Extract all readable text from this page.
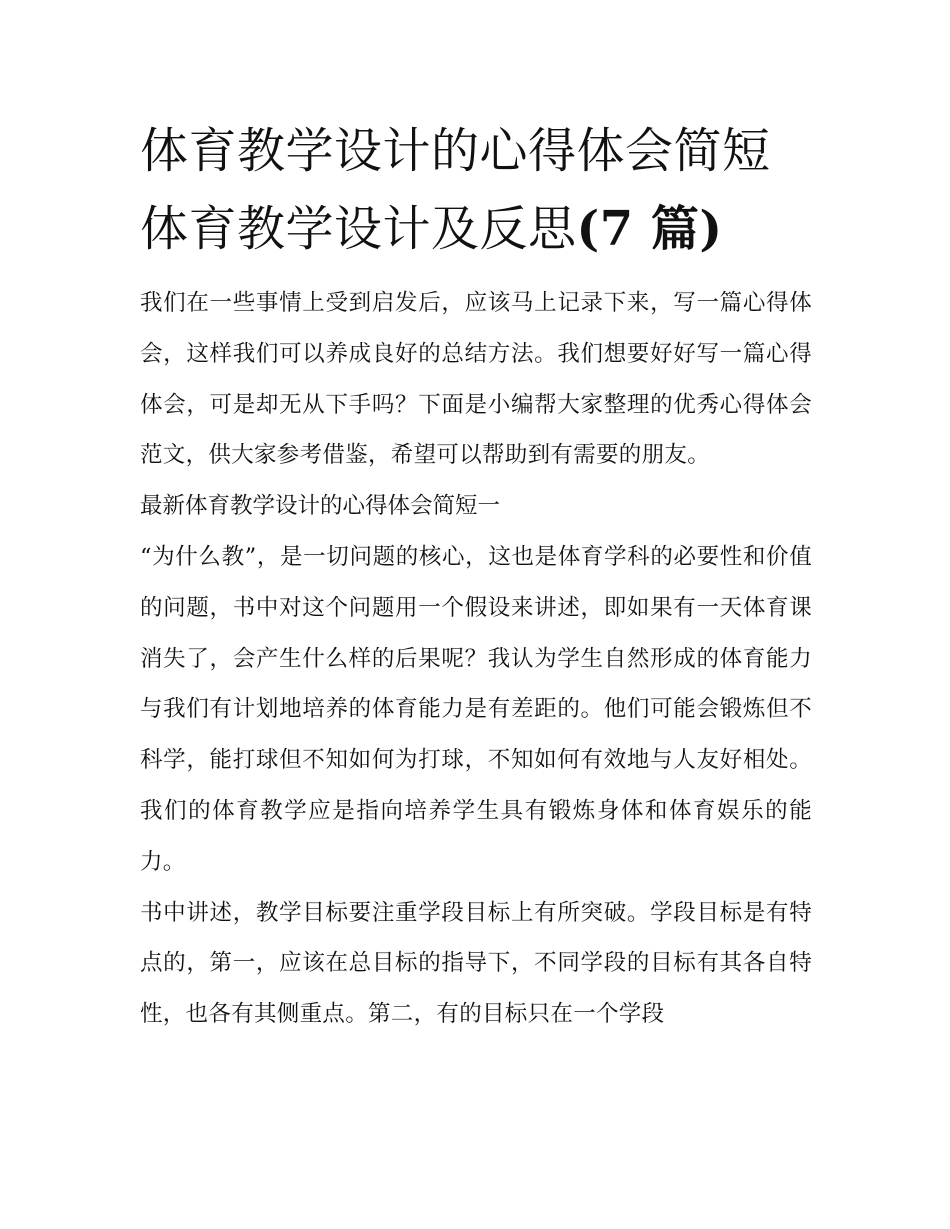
体育教学设计的心得体会简短
体育教学设计及反思(7 篇)

我们在一些事情上受到启发后，应该马上记录下来，写一篇心得体会，这样我们可以养成良好的总结方法。我们想要好好写一篇心得体会，可是却无从下手吗？下面是小编帮大家整理的优秀心得体会范文，供大家参考借鉴，希望可以帮助到有需要的朋友。

最新体育教学设计的心得体会简短一

“为什么教”，是一切问题的核心，这也是体育学科的必要性和价值的问题，书中对这个问题用一个假设来讲述，即如果有一天体育课消失了，会产生什么样的后果呢？我认为学生自然形成的体育能力与我们有计划地培养的体育能力是有差距的。他们可能会锻炼但不科学，能打球但不知如何为打球，不知如何有效地与人友好相处。我们的体育教学应是指向培养学生具有锻炼身体和体育娱乐的能力。

书中讲述，教学目标要注重学段目标上有所突破。学段目标是有特点的，第一，应该在总目标的指导下，不同学段的目标有其各自特性，也各有其侧重点。第二，有的目标只在一个学段
